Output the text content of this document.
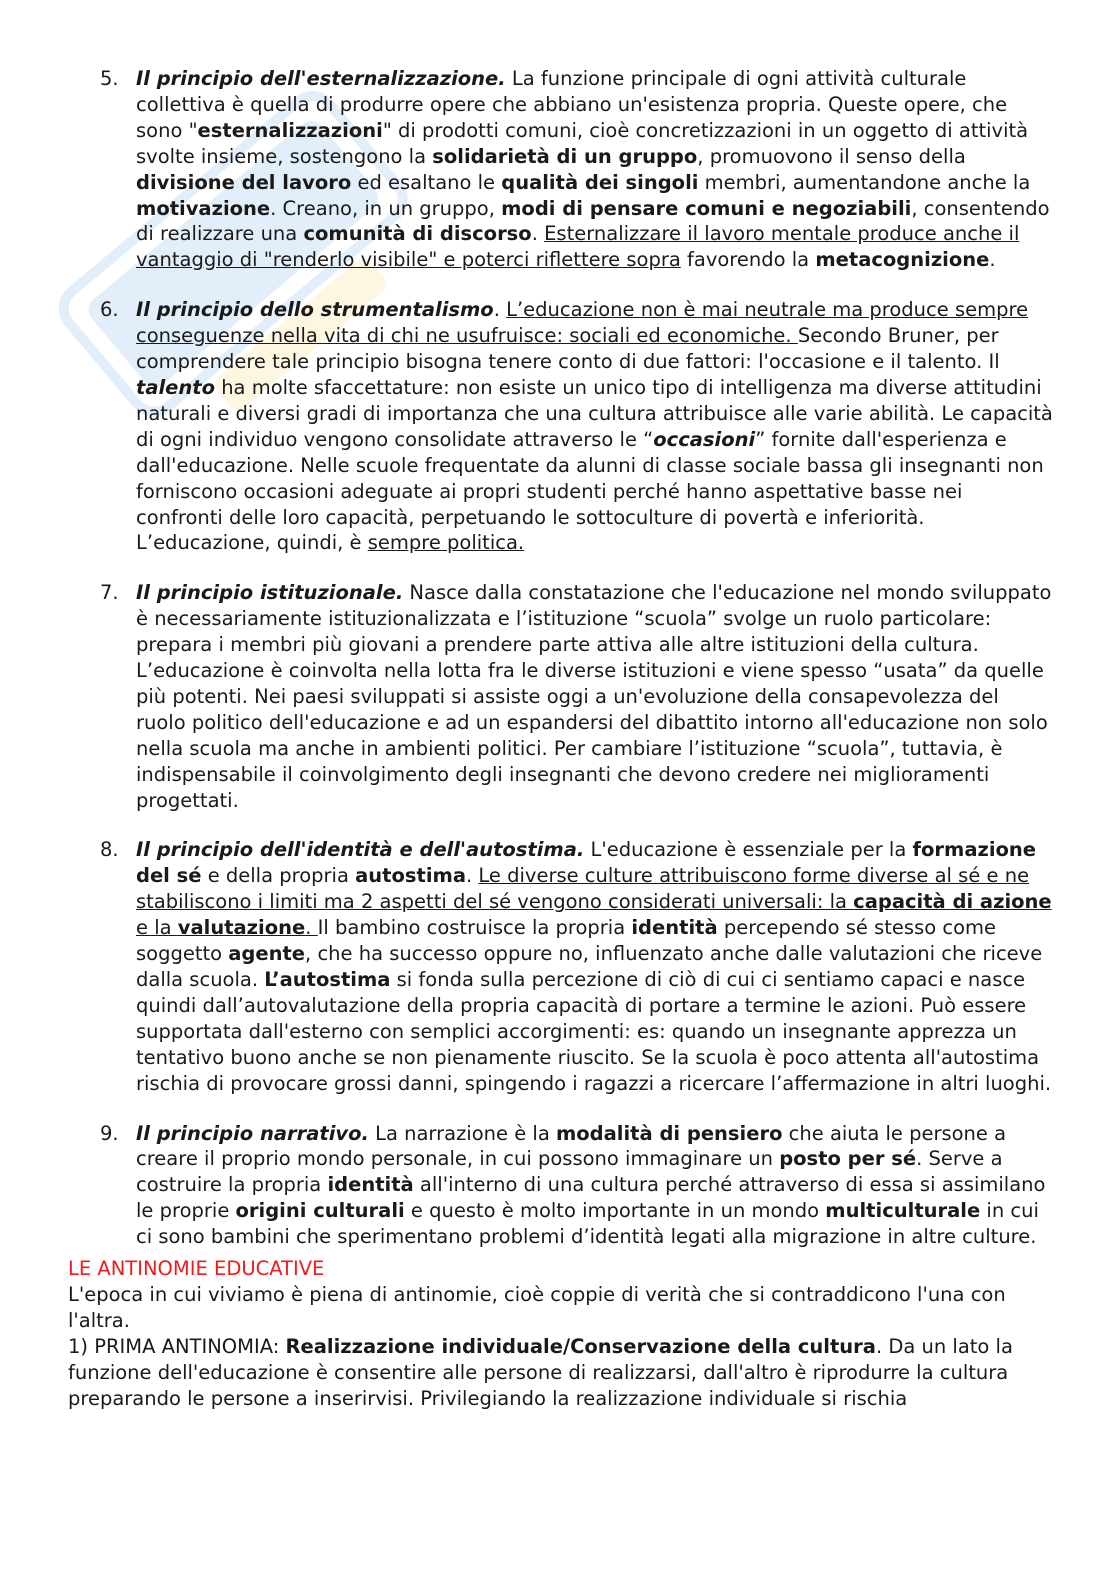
5. Il principio dell'esternalizzazione. La funzione principale di ogni attività culturale collettiva è quella di produrre opere che abbiano un'esistenza propria. Queste opere, che sono "esternalizzazioni" di prodotti comuni, cioè concretizzazioni in un oggetto di attività svolte insieme, sostengono la solidarietà di un gruppo, promuovono il senso della divisione del lavoro ed esaltano le qualità dei singoli membri, aumentandone anche la motivazione. Creano, in un gruppo, modi di pensare comuni e negoziabili, consentendo di realizzare una comunità di discorso. Esternalizzare il lavoro mentale produce anche il vantaggio di "renderlo visibile" e poterci riflettere sopra favorendo la metacognizione.
6. Il principio dello strumentalismo. L’educazione non è mai neutrale ma produce sempre conseguenze nella vita di chi ne usufruisce: sociali ed economiche. Secondo Bruner, per comprendere tale principio bisogna tenere conto di due fattori: l'occasione e il talento. Il talento ha molte sfaccettature: non esiste un unico tipo di intelligenza ma diverse attitudini naturali e diversi gradi di importanza che una cultura attribuisce alle varie abilità. Le capacità di ogni individuo vengono consolidate attraverso le “occasioni” fornite dall'esperienza e dall'educazione. Nelle scuole frequentate da alunni di classe sociale bassa gli insegnanti non forniscono occasioni adeguate ai propri studenti perché hanno aspettative basse nei confronti delle loro capacità, perpetuando le sottoculture di povertà e inferiorità. L’educazione, quindi, è sempre politica.
7. Il principio istituzionale. Nasce dalla constatazione che l'educazione nel mondo sviluppato è necessariamente istituzionalizzata e l’istituzione “scuola” svolge un ruolo particolare: prepara i membri più giovani a prendere parte attiva alle altre istituzioni della cultura. L’educazione è coinvolta nella lotta fra le diverse istituzioni e viene spesso “usata” da quelle più potenti. Nei paesi sviluppati si assiste oggi a un'evoluzione della consapevolezza del ruolo politico dell'educazione e ad un espandersi del dibattito intorno all'educazione non solo nella scuola ma anche in ambienti politici. Per cambiare l’istituzione “scuola”, tuttavia, è indispensabile il coinvolgimento degli insegnanti che devono credere nei miglioramenti progettati.
8. Il principio dell'identità e dell'autostima. L'educazione è essenziale per la formazione del sé e della propria autostima. Le diverse culture attribuiscono forme diverse al sé e ne stabiliscono i limiti ma 2 aspetti del sé vengono considerati universali: la capacità di azione e la valutazione. Il bambino costruisce la propria identità percependo sé stesso come soggetto agente, che ha successo oppure no, influenzato anche dalle valutazioni che riceve dalla scuola. L’autostima si fonda sulla percezione di ciò di cui ci sentiamo capaci e nasce quindi dall’autovalutazione della propria capacità di portare a termine le azioni. Può essere supportata dall'esterno con semplici accorgimenti: es: quando un insegnante apprezza un tentativo buono anche se non pienamente riuscito. Se la scuola è poco attenta all'autostima rischia di provocare grossi danni, spingendo i ragazzi a ricercare l’affermazione in altri luoghi.
9. Il principio narrativo. La narrazione è la modalità di pensiero che aiuta le persone a creare il proprio mondo personale, in cui possono immaginare un posto per sé. Serve a costruire la propria identità all'interno di una cultura perché attraverso di essa si assimilano le proprie origini culturali e questo è molto importante in un mondo multiculturale in cui ci sono bambini che sperimentano problemi d’identità legati alla migrazione in altre culture.
LE ANTINOMIE EDUCATIVE

L'epoca in cui viviamo è piena di antinomie, cioè coppie di verità che si contraddicono l'una con l'altra.

1) PRIMA ANTINOMIA: Realizzazione individuale/Conservazione della cultura. Da un lato la funzione dell'educazione è consentire alle persone di realizzarsi, dall'altro è riprodurre la cultura preparando le persone a inserirvisi. Privilegiando la realizzazione individuale si rischia
